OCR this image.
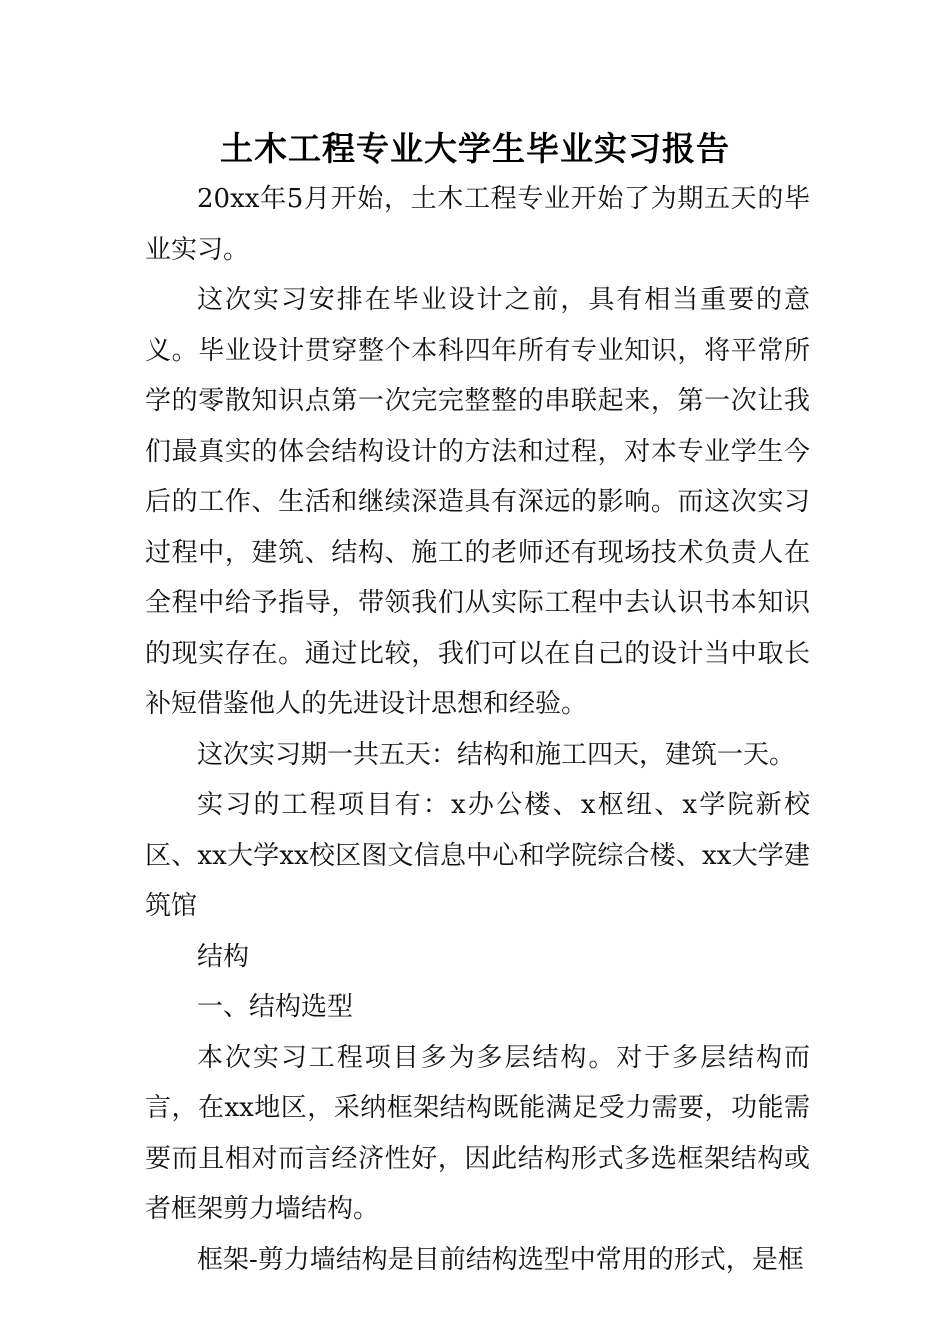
土木工程专业大学生毕业实习报告

20xx年5月开始，土木工程专业开始了为期五天的毕业实习。

这次实习安排在毕业设计之前，具有相当重要的意义。毕业设计贯穿整个本科四年所有专业知识，将平常所学的零散知识点第一次完完整整的串联起来，第一次让我们最真实的体会结构设计的方法和过程，对本专业学生今后的工作、生活和继续深造具有深远的影响。而这次实习过程中，建筑、结构、施工的老师还有现场技术负责人在全程中给予指导，带领我们从实际工程中去认识书本知识的现实存在。通过比较，我们可以在自己的设计当中取长补短借鉴他人的先进设计思想和经验。

这次实习期一共五天：结构和施工四天，建筑一天。

实习的工程项目有：x办公楼、x枢纽、x学院新校区、xx大学xx校区图文信息中心和学院综合楼、xx大学建筑馆

结构

一、结构选型

本次实习工程项目多为多层结构。对于多层结构而言，在xx地区，采纳框架结构既能满足受力需要，功能需要而且相对而言经济性好，因此结构形式多选框架结构或者框架剪力墙结构。

框架-剪力墙结构是目前结构选型中常用的形式，是框
